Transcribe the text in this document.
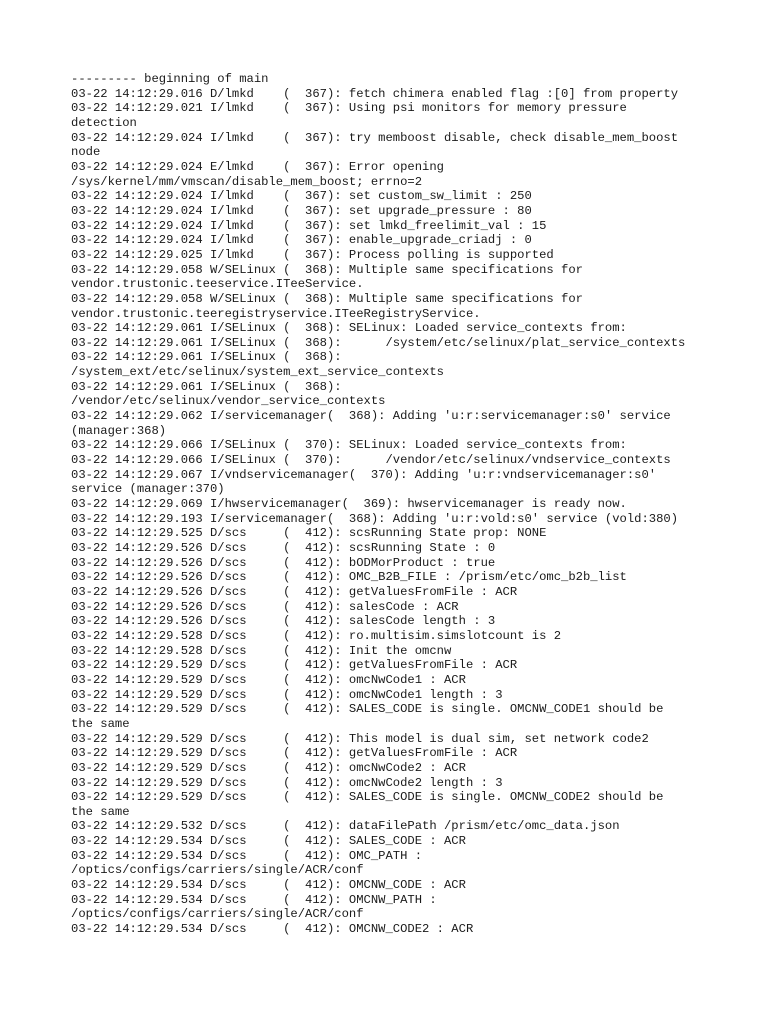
--------- beginning of main
03-22 14:12:29.016 D/lmkd    (  367): fetch chimera enabled flag :[0] from property
03-22 14:12:29.021 I/lmkd    (  367): Using psi monitors for memory pressure
detection
03-22 14:12:29.024 I/lmkd    (  367): try memboost disable, check disable_mem_boost
node
03-22 14:12:29.024 E/lmkd    (  367): Error opening
/sys/kernel/mm/vmscan/disable_mem_boost; errno=2
03-22 14:12:29.024 I/lmkd    (  367): set custom_sw_limit : 250
03-22 14:12:29.024 I/lmkd    (  367): set upgrade_pressure : 80
03-22 14:12:29.024 I/lmkd    (  367): set lmkd_freelimit_val : 15
03-22 14:12:29.024 I/lmkd    (  367): enable_upgrade_criadj : 0
03-22 14:12:29.025 I/lmkd    (  367): Process polling is supported
03-22 14:12:29.058 W/SELinux (  368): Multiple same specifications for
vendor.trustonic.teeservice.ITeeService.
03-22 14:12:29.058 W/SELinux (  368): Multiple same specifications for
vendor.trustonic.teeregistryservice.ITeeRegistryService.
03-22 14:12:29.061 I/SELinux (  368): SELinux: Loaded service_contexts from:
03-22 14:12:29.061 I/SELinux (  368):      /system/etc/selinux/plat_service_contexts
03-22 14:12:29.061 I/SELinux (  368):
/system_ext/etc/selinux/system_ext_service_contexts
03-22 14:12:29.061 I/SELinux (  368):
/vendor/etc/selinux/vendor_service_contexts
03-22 14:12:29.062 I/servicemanager(  368): Adding 'u:r:servicemanager:s0' service
(manager:368)
03-22 14:12:29.066 I/SELinux (  370): SELinux: Loaded service_contexts from:
03-22 14:12:29.066 I/SELinux (  370):      /vendor/etc/selinux/vndservice_contexts
03-22 14:12:29.067 I/vndservicemanager(  370): Adding 'u:r:vndservicemanager:s0'
service (manager:370)
03-22 14:12:29.069 I/hwservicemanager(  369): hwservicemanager is ready now.
03-22 14:12:29.193 I/servicemanager(  368): Adding 'u:r:vold:s0' service (vold:380)
03-22 14:12:29.525 D/scs     (  412): scsRunning State prop: NONE
03-22 14:12:29.526 D/scs     (  412): scsRunning State : 0
03-22 14:12:29.526 D/scs     (  412): bODMorProduct : true
03-22 14:12:29.526 D/scs     (  412): OMC_B2B_FILE : /prism/etc/omc_b2b_list
03-22 14:12:29.526 D/scs     (  412): getValuesFromFile : ACR
03-22 14:12:29.526 D/scs     (  412): salesCode : ACR
03-22 14:12:29.526 D/scs     (  412): salesCode length : 3
03-22 14:12:29.528 D/scs     (  412): ro.multisim.simslotcount is 2
03-22 14:12:29.528 D/scs     (  412): Init the omcnw
03-22 14:12:29.529 D/scs     (  412): getValuesFromFile : ACR
03-22 14:12:29.529 D/scs     (  412): omcNwCode1 : ACR
03-22 14:12:29.529 D/scs     (  412): omcNwCode1 length : 3
03-22 14:12:29.529 D/scs     (  412): SALES_CODE is single. OMCNW_CODE1 should be
the same
03-22 14:12:29.529 D/scs     (  412): This model is dual sim, set network code2
03-22 14:12:29.529 D/scs     (  412): getValuesFromFile : ACR
03-22 14:12:29.529 D/scs     (  412): omcNwCode2 : ACR
03-22 14:12:29.529 D/scs     (  412): omcNwCode2 length : 3
03-22 14:12:29.529 D/scs     (  412): SALES_CODE is single. OMCNW_CODE2 should be
the same
03-22 14:12:29.532 D/scs     (  412): dataFilePath /prism/etc/omc_data.json
03-22 14:12:29.534 D/scs     (  412): SALES_CODE : ACR
03-22 14:12:29.534 D/scs     (  412): OMC_PATH :
/optics/configs/carriers/single/ACR/conf
03-22 14:12:29.534 D/scs     (  412): OMCNW_CODE : ACR
03-22 14:12:29.534 D/scs     (  412): OMCNW_PATH :
/optics/configs/carriers/single/ACR/conf
03-22 14:12:29.534 D/scs     (  412): OMCNW_CODE2 : ACR
